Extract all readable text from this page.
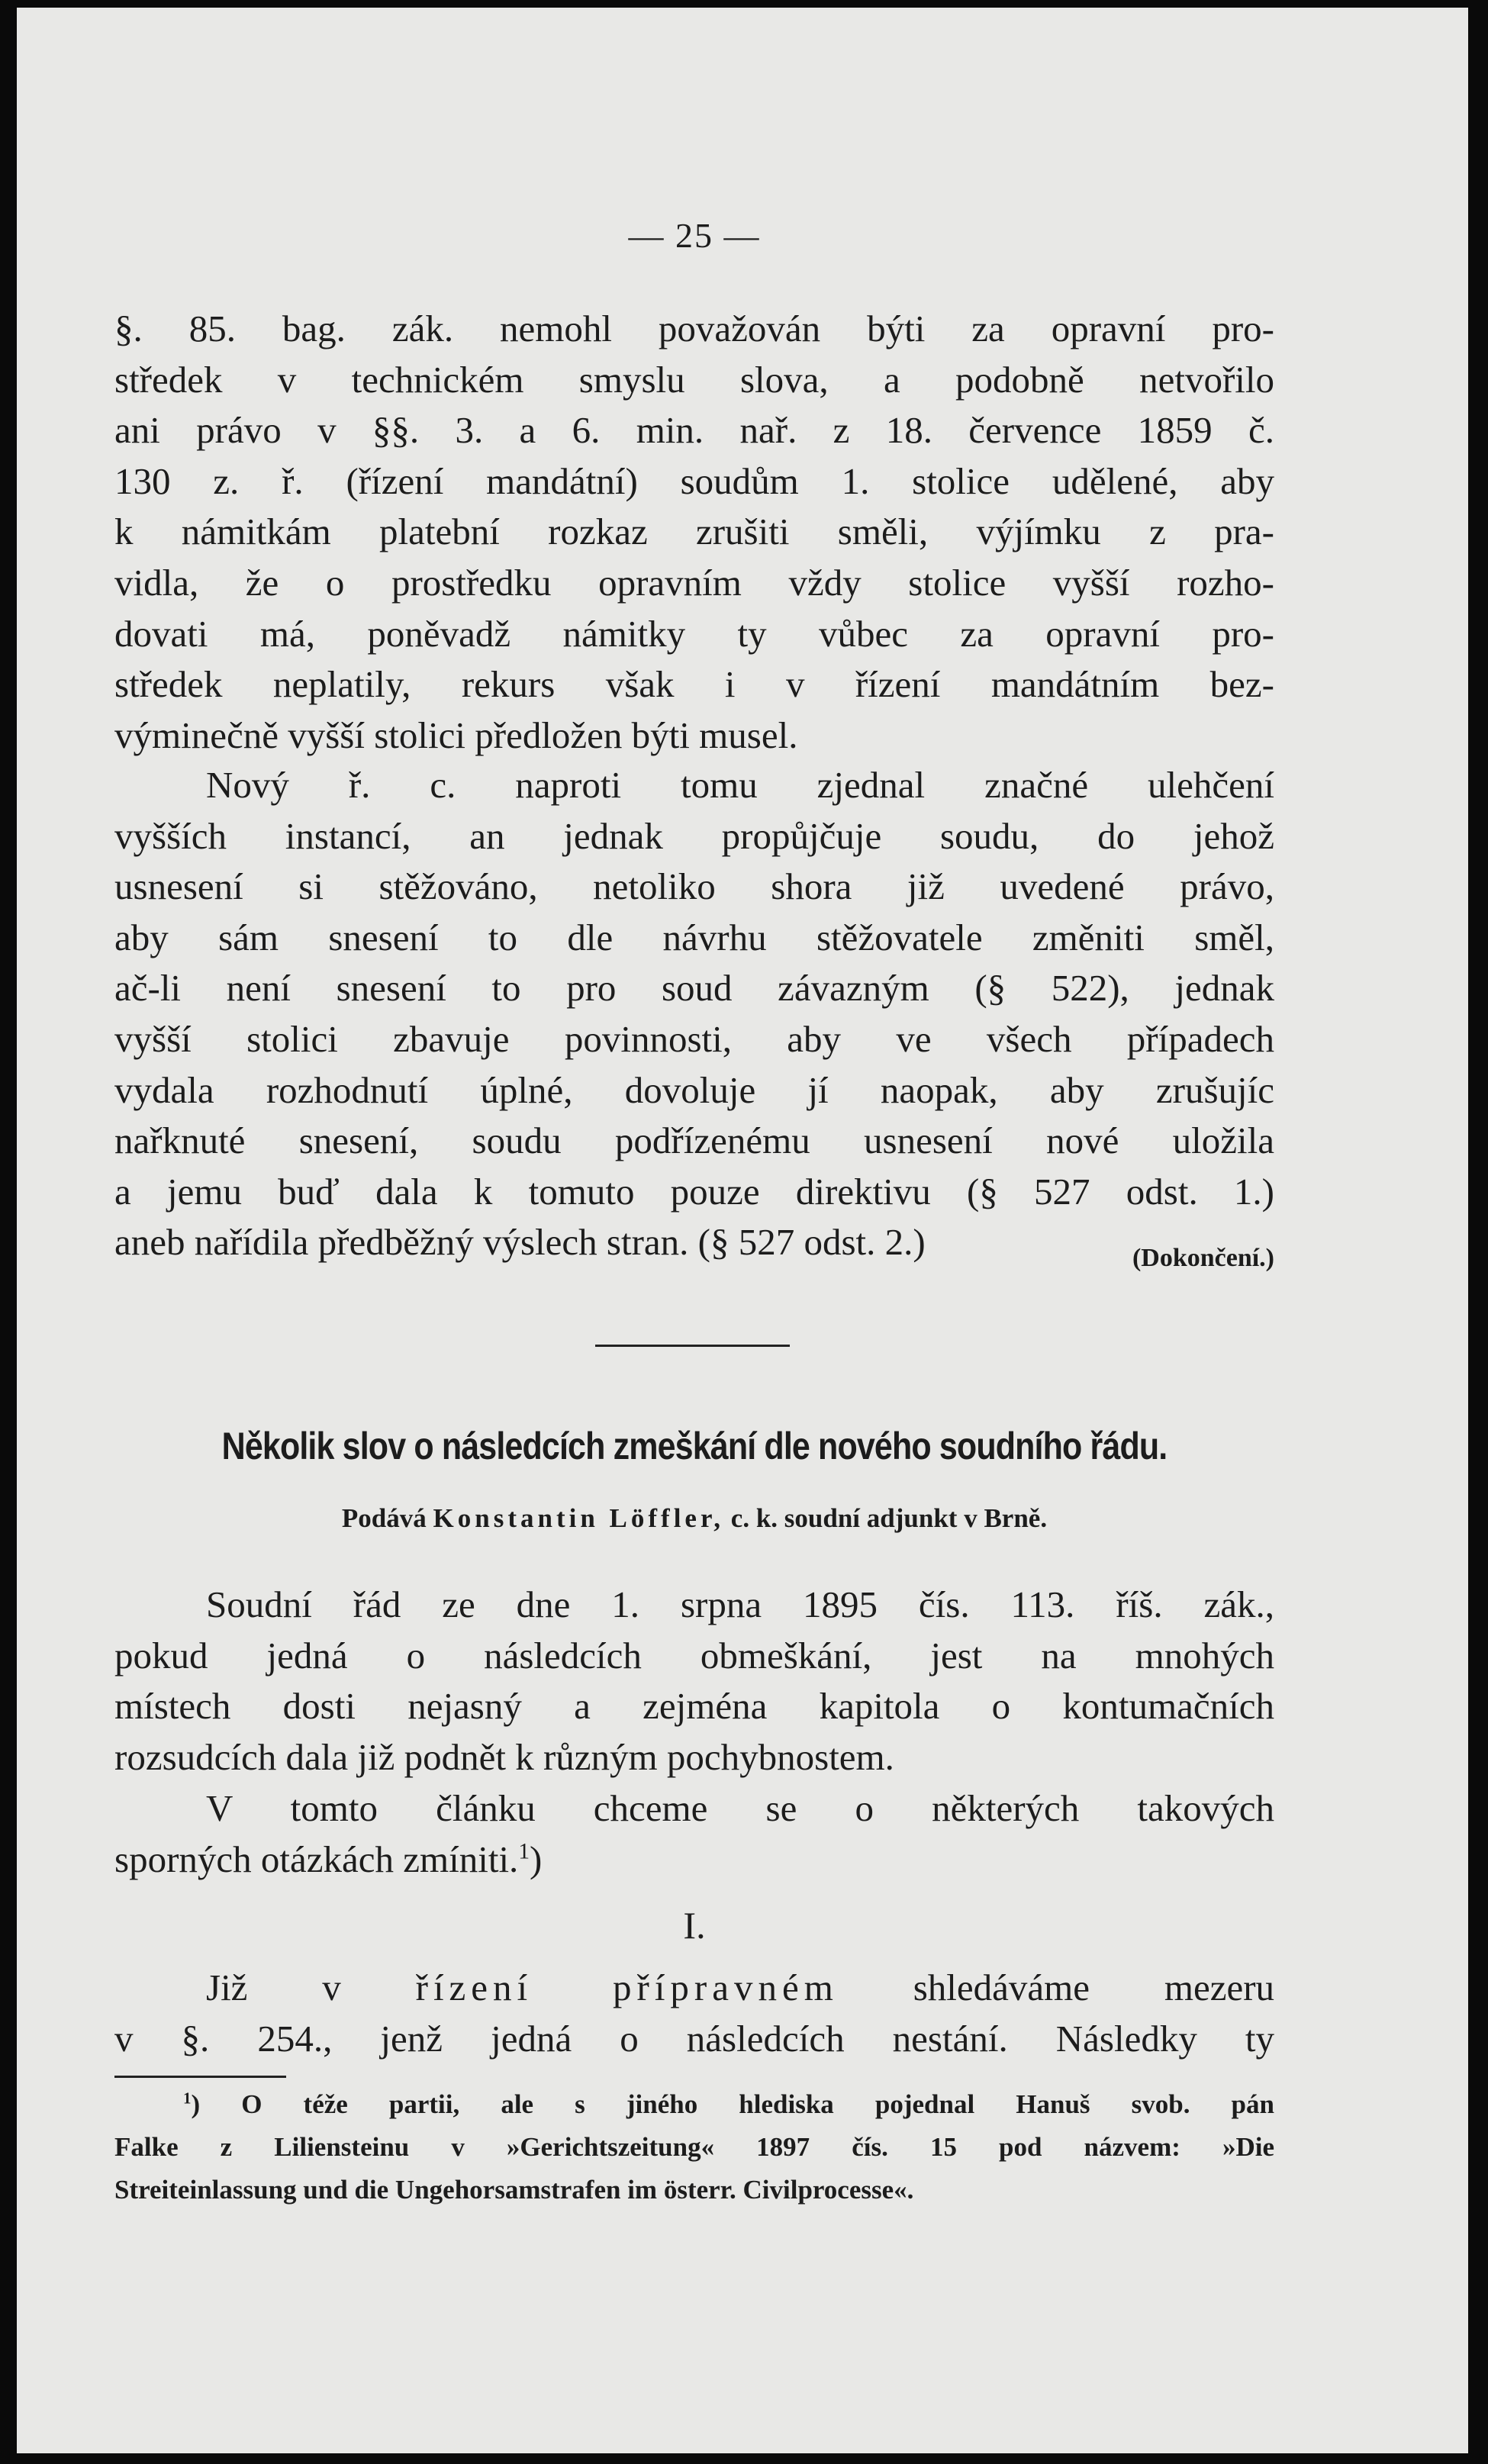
— 25 —

§. 85. bag. zák. nemohl považován býti za opravní pro-
středek v technickém smyslu slova, a podobně netvořilo
ani právo v §§. 3. a 6. min. nař. z 18. července 1859 č.
130 z. ř. (řízení mandátní) soudům 1. stolice udělené, aby
k námitkám platební rozkaz zrušiti směli, výjímku z pra-
vidla, že o prostředku opravním vždy stolice vyšší rozho-
dovati má, poněvadž námitky ty vůbec za opravní pro-
středek neplatily, rekurs však i v řízení mandátním bez-
výminečně vyšší stolici předložen býti musel.

Nový ř. c. naproti tomu zjednal značné ulehčení
vyšších instancí, an jednak propůjčuje soudu, do jehož
usnesení si stěžováno, netoliko shora již uvedené právo,
aby sám snesení to dle návrhu stěžovatele změniti směl,
ač-li není snesení to pro soud závazným (§ 522), jednak
vyšší stolici zbavuje povinnosti, aby ve všech případech
vydala rozhodnutí úplné, dovoluje jí naopak, aby zrušujíc
nařknuté snesení, soudu podřízenému usnesení nové uložila
a jemu buď dala k tomuto pouze direktivu (§ 527 odst. 1.)
aneb nařídila předběžný výslech stran. (§ 527 odst. 2.)	(Dokončení.)
Několik slov o následcích zmeškání dle nového soudního řádu.
Podává Konstantin Löffler, c. k. soudní adjunkt v Brně.

Soudní řád ze dne 1. srpna 1895 čís. 113. říš. zák.,
pokud jedná o následcích obmeškání, jest na mnohých
místech dosti nejasný a zejména kapitola o kontumačních
rozsudcích dala již podnět k různým pochybnostem.

V tomto článku chceme se o některých takových
sporných otázkách zmíniti.$^1$)

I.

Již v řízení přípravném shledáváme mezeru
v §. 254., jenž jedná o následcích nestání. Následky ty

$^1$) O téže partii, ale s jiného hlediska pojednal Hanuš svob. pán
Falke z Liliensteinu v »Gerichtszeitung« 1897 čís. 15 pod názvem: »Die
Streiteinlassung und die Ungehorsamstrafen im österr. Civilprocesse«.
